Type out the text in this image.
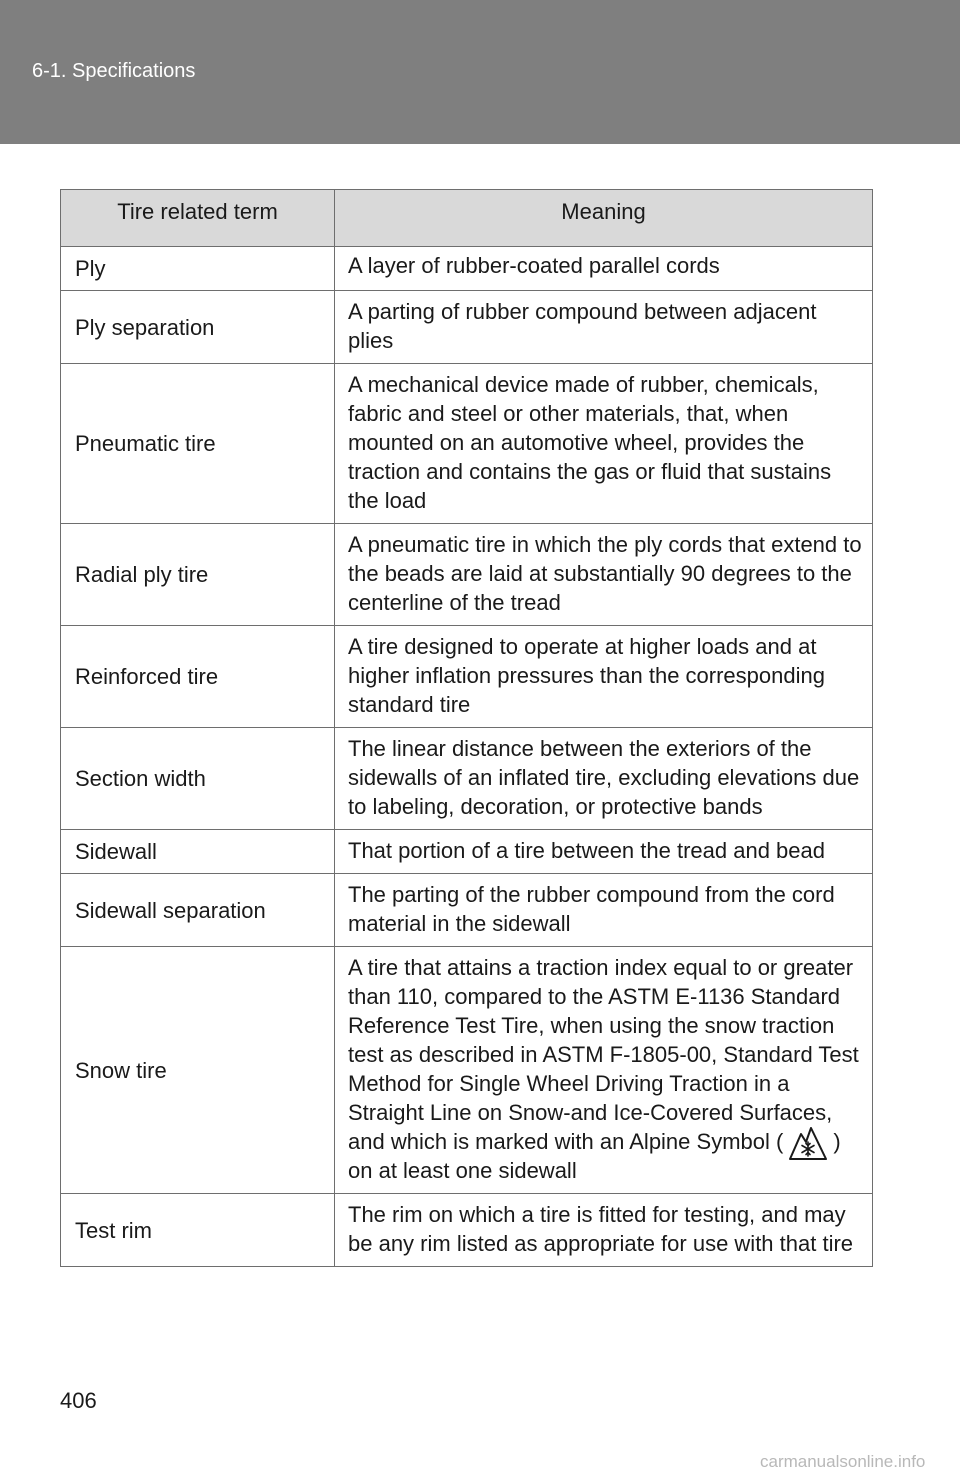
6-1. Specifications
Tire related term	Meaning
Ply	A layer of rubber-coated parallel cords

Ply separation	A parting of rubber compound between adjacent plies

Pneumatic tire	A mechanical device made of rubber, chemicals, fabric and steel or other materials, that, when mounted on an automotive wheel, provides the traction and contains the gas or fluid that sustains the load

Radial ply tire	A pneumatic tire in which the ply cords that extend to the beads are laid at substantially 90 degrees to the centerline of the tread

Reinforced tire	A tire designed to operate at higher loads and at higher inflation pressures than the corresponding standard tire

Section width	The linear distance between the exteriors of the sidewalls of an inflated tire, excluding elevations due to labeling, decoration, or protective bands

Sidewall	That portion of a tire between the tread and bead

Sidewall separation	The parting of the rubber compound from the cord material in the sidewall

Snow tire	A tire that attains a traction index equal to or greater than 110, compared to the ASTM E-1136 Standard Reference Test Tire, when using the snow traction test as described in ASTM F-1805-00, Standard Test Method for Single Wheel Driving Traction in a Straight Line on Snow-and Ice-Covered Surfaces, and which is marked with an Alpine Symbol ( ) on at least one sidewall

Test rim	The rim on which a tire is fitted for testing, and may be any rim listed as appropriate for use with that tire
406
carmanualsonline.info
